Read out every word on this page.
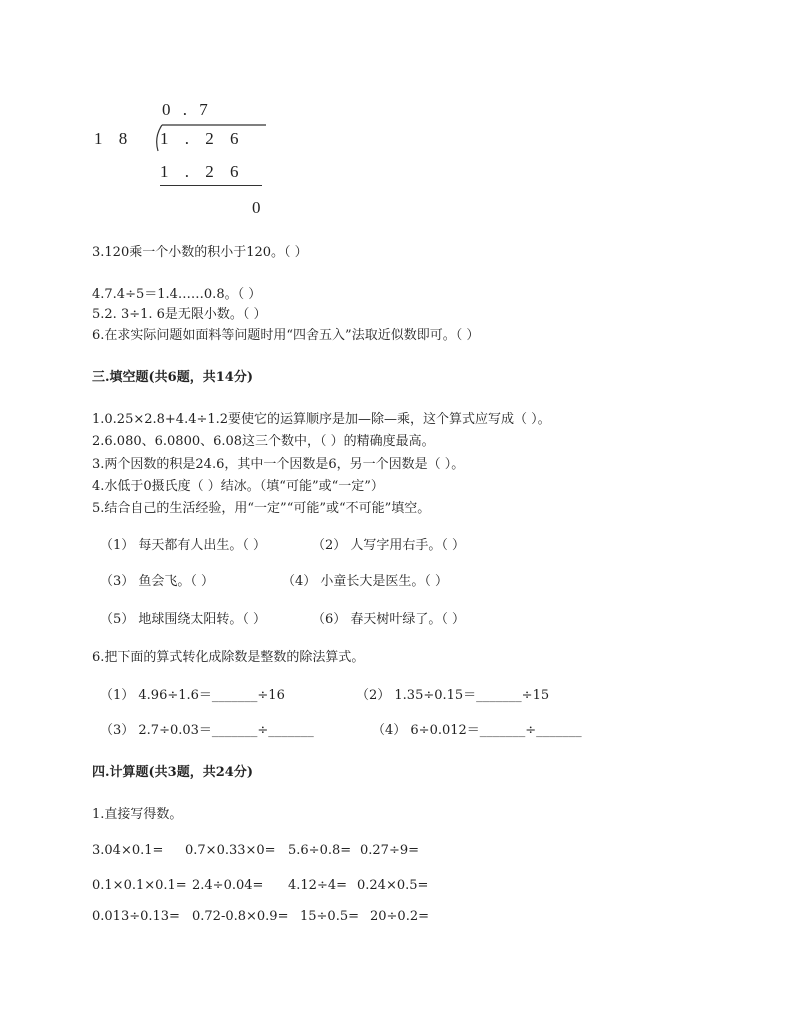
0 . 7
1 8 1 . 2 6
1 . 2 6
0
3.120乘一个小数的积小于120。（ ）
4.7.4÷5＝1.4……0.8。（ ）
5.2. 3÷1. 6是无限小数。（ ）
6.在求实际问题如面料等问题时用“四舍五入”法取近似数即可。（ ）
三.填空题(共6题，共14分)
1.0.25×2.8+4.4÷1.2要使它的运算顺序是加—除—乘，这个算式应写成（ ）。
2.6.080、6.0800、6.08这三个数中，（ ）的精确度最高。
3.两个因数的积是24.6，其中一个因数是6，另一个因数是（ ）。
4.水低于0摄氏度（ ）结冰。（填“可能”或“一定”）
5.结合自己的生活经验，用“一定”“可能”或“不可能”填空。
（1） 每天都有人出生。（ ）	（2） 人写字用右手。（ ）
（3） 鱼会飞。（ ）	（4） 小童长大是医生。（ ）
（5） 地球围绕太阳转。（ ）	（6） 春天树叶绿了。（ ）
6.把下面的算式转化成除数是整数的除法算式。
（1） 4.96÷1.6＝_______÷16	（2） 1.35÷0.15＝_______÷15
（3） 2.7÷0.03＝_______÷_______	（4） 6÷0.012＝_______÷_______
四.计算题(共3题，共24分)
1.直接写得数。
3.04×0.1= 0.7×0.33×0= 5.6÷0.8= 0.27÷9=
0.1×0.1×0.1= 2.4÷0.04= 4.12÷4= 0.24×0.5=
0.013÷0.13= 0.72-0.8×0.9= 15÷0.5= 20÷0.2=
